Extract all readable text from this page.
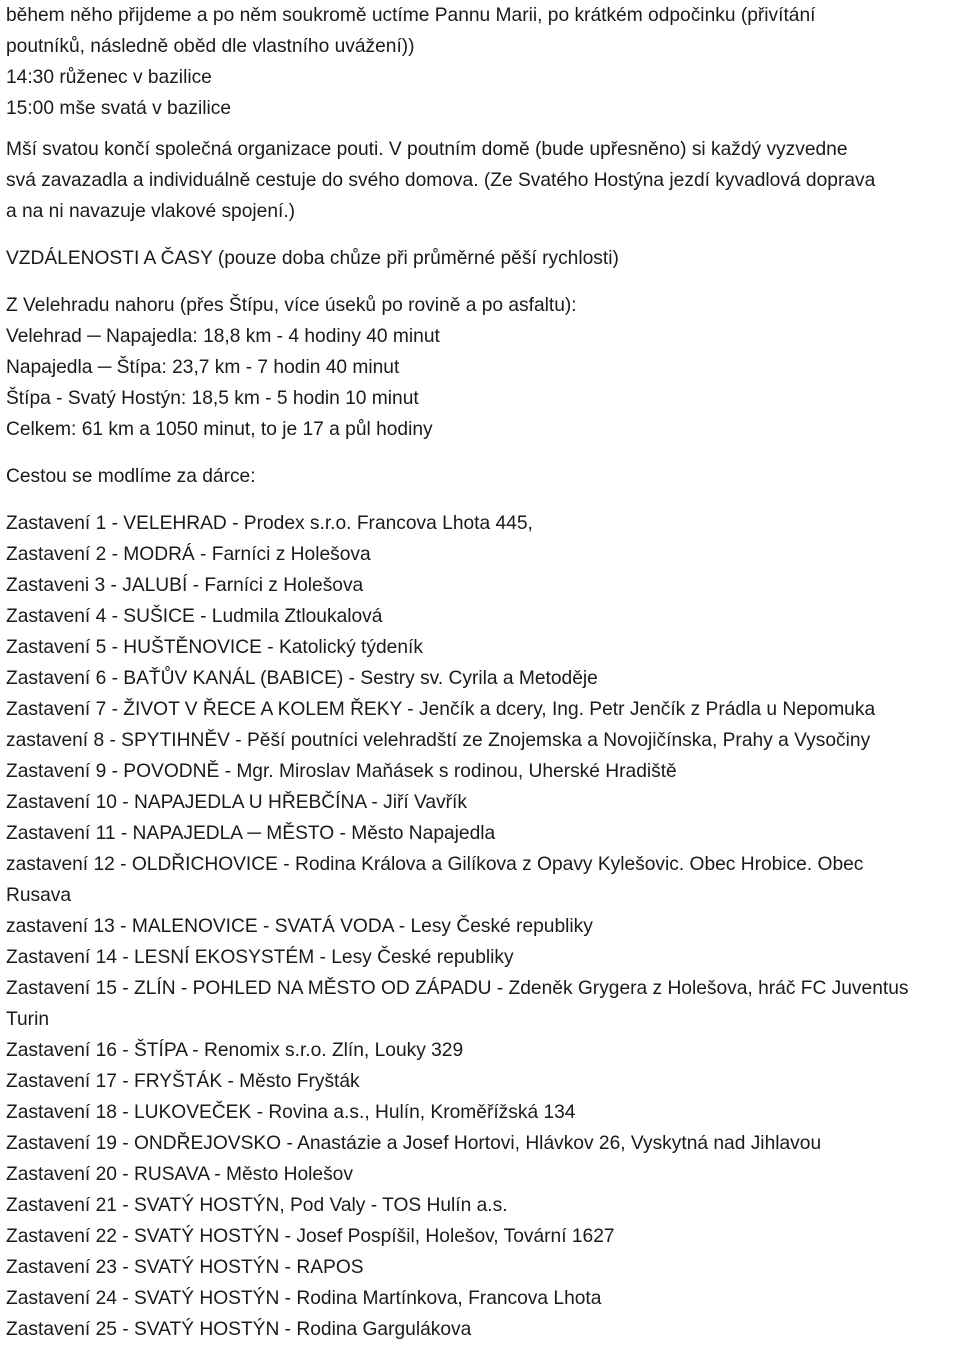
během něho přijdeme a po něm soukromě uctíme Pannu Marii, po krátkém odpočinku (přivítání
poutníků, následně oběd dle vlastního uvážení))
14:30 růženec v bazilice
15:00 mše svatá v bazilice
Mší svatou končí společná organizace pouti. V poutním domě (bude upřesněno) si každý vyzvedne
svá zavazadla a individuálně cestuje do svého domova. (Ze Svatého Hostýna jezdí kyvadlová doprava
a na ni navazuje vlakové spojení.)
VZDÁLENOSTI A ČASY (pouze doba chůze při průměrné pěší rychlosti)
Z Velehradu nahoru (přes Štípu, více úseků po rovině a po asfaltu):
Velehrad ─ Napajedla: 18,8 km - 4 hodiny 40 minut
Napajedla ─ Štípa: 23,7 km - 7 hodin 40 minut
Štípa - Svatý Hostýn: 18,5 km - 5 hodin 10 minut
Celkem: 61 km a 1050 minut, to je 17 a půl hodiny
Cestou se modlíme za dárce:
Zastavení 1 - VELEHRAD - Prodex s.r.o. Francova Lhota 445,
Zastavení 2 - MODRÁ - Farníci z Holešova
Zastaveni 3 - JALUBÍ - Farníci z Holešova
Zastavení 4 - SUŠICE - Ludmila Ztloukalová
Zastavení 5 - HUŠTĚNOVICE - Katolický týdeník
Zastavení 6 - BAŤŮV KANÁL (BABICE) - Sestry sv. Cyrila a Metoděje
Zastavení 7 - ŽIVOT V ŘECE A KOLEM ŘEKY - Jenčík a dcery, Ing. Petr Jenčík z Prádla u Nepomuka
zastavení 8 - SPYTIHNĚV - Pěší poutníci velehradští ze Znojemska a Novojičínska, Prahy a Vysočiny
Zastavení 9 - POVODNĚ - Mgr. Miroslav Maňásek s rodinou, Uherské Hradiště
Zastavení 10 - NAPAJEDLA U HŘEBČÍNA - Jiří Vavřík
Zastavení 11 - NAPAJEDLA ─ MĚSTO - Město Napajedla
zastavení 12 - OLDŘICHOVICE - Rodina Králova a Gilíkova z Opavy Kylešovic. Obec Hrobice. Obec
Rusava
zastavení 13 - MALENOVICE - SVATÁ VODA - Lesy České republiky
Zastavení 14 - LESNÍ EKOSYSTÉM - Lesy České republiky
Zastavení 15 - ZLÍN - POHLED NA MĚSTO OD ZÁPADU - Zdeněk Grygera z Holešova, hráč FC Juventus
Turin
Zastavení 16 - ŠTÍPA - Renomix s.r.o. Zlín, Louky 329
Zastavení 17 - FRYŠTÁK - Město Fryšták
Zastavení 18 - LUKOVEČEK - Rovina a.s., Hulín, Kroměřížská 134
Zastavení 19 - ONDŘEJOVSKO - Anastázie a Josef Hortovi, Hlávkov 26, Vyskytná nad Jihlavou
Zastavení 20 - RUSAVA - Město Holešov
Zastavení 21 - SVATÝ HOSTÝN, Pod Valy - TOS Hulín a.s.
Zastavení 22 - SVATÝ HOSTÝN - Josef Pospíšil, Holešov, Tovární 1627
Zastavení 23 - SVATÝ HOSTÝN - RAPOS
Zastavení 24 - SVATÝ HOSTÝN - Rodina Martínkova, Francova Lhota
Zastavení 25 - SVATÝ HOSTÝN - Rodina Gargulákova
